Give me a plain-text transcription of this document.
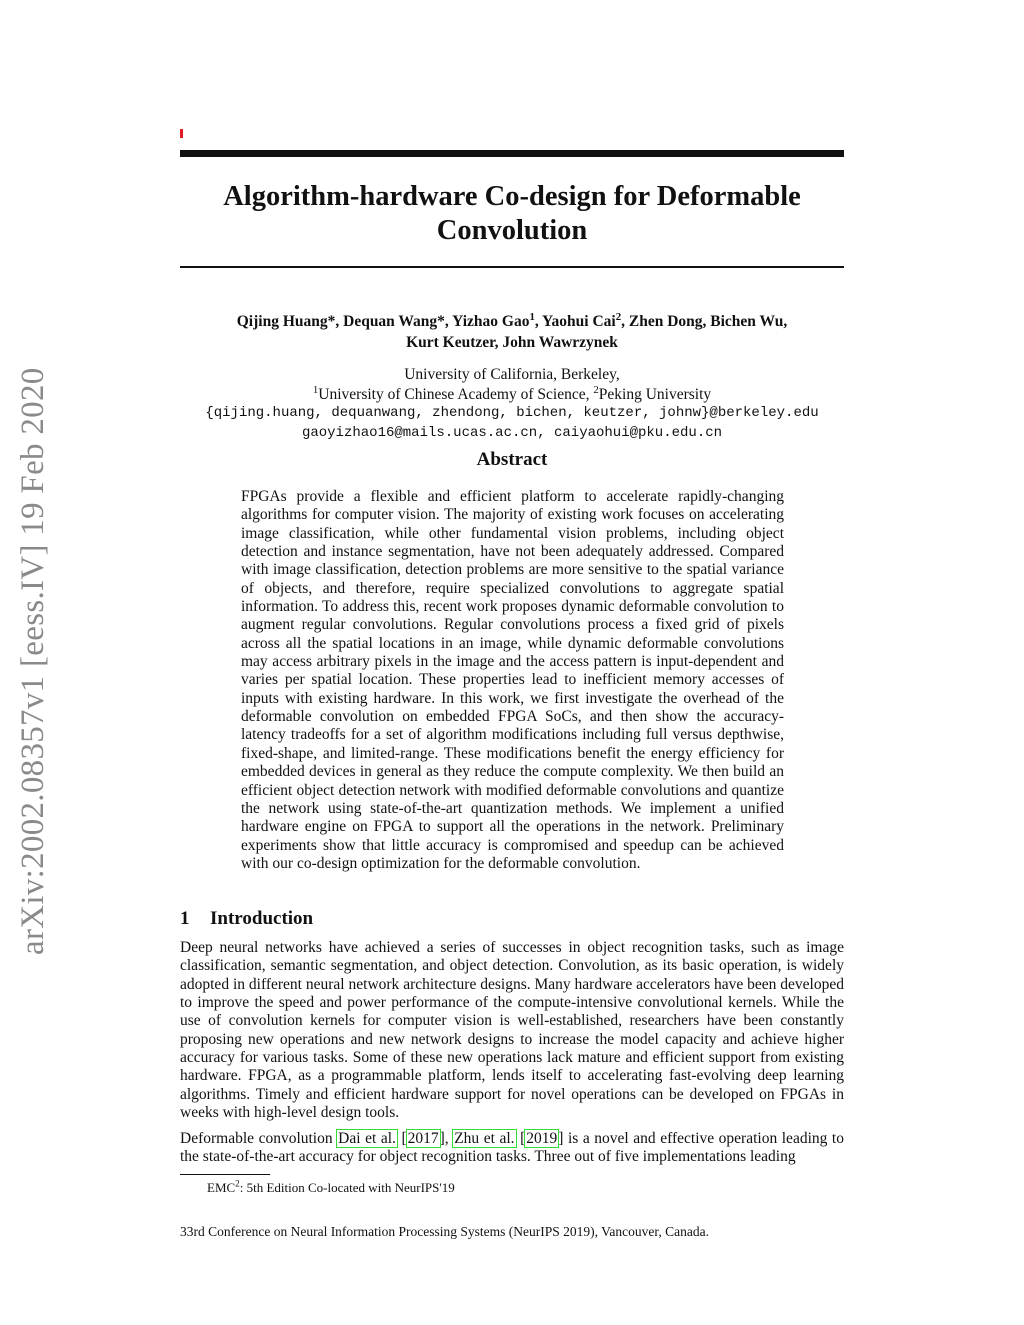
arXiv:2002.08357v1 [eess.IV] 19 Feb 2020
Algorithm-hardware Co-design for Deformable Convolution
Qijing Huang*, Dequan Wang*, Yizhao Gao$^1$, Yaohui Cai$^2$, Zhen Dong, Bichen Wu,
Kurt Keutzer, John Wawrzynek
University of California, Berkeley,
$^1$University of Chinese Academy of Science, $^2$Peking University
{qijing.huang, dequanwang, zhendong, bichen, keutzer, johnw}@berkeley.edu
gaoyizhao16@mails.ucas.ac.cn, caiyaohui@pku.edu.cn
Abstract

FPGAs provide a flexible and efficient platform to accelerate rapidly-changing algorithms for computer vision. The majority of existing work focuses on accelerating image classification, while other fundamental vision problems, including object detection and instance segmentation, have not been adequately addressed. Compared with image classification, detection problems are more sensitive to the spatial variance of objects, and therefore, require specialized convolutions to aggregate spatial information. To address this, recent work proposes dynamic deformable convolution to augment regular convolutions. Regular convolutions process a fixed grid of pixels across all the spatial locations in an image, while dynamic deformable convolutions may access arbitrary pixels in the image and the access pattern is input-dependent and varies per spatial location. These properties lead to inefficient memory accesses of inputs with existing hardware. In this work, we first investigate the overhead of the deformable convolution on embedded FPGA SoCs, and then show the accuracy-latency tradeoffs for a set of algorithm modifications including full versus depthwise, fixed-shape, and limited-range. These modifications benefit the energy efficiency for embedded devices in general as they reduce the compute complexity. We then build an efficient object detection network with modified deformable convolutions and quantize the network using state-of-the-art quantization methods. We implement a unified hardware engine on FPGA to support all the operations in the network. Preliminary experiments show that little accuracy is compromised and speedup can be achieved with our co-design optimization for the deformable convolution.

1 Introduction

Deep neural networks have achieved a series of successes in object recognition tasks, such as image classification, semantic segmentation, and object detection. Convolution, as its basic operation, is widely adopted in different neural network architecture designs. Many hardware accelerators have been developed to improve the speed and power performance of the compute-intensive convolutional kernels. While the use of convolution kernels for computer vision is well-established, researchers have been constantly proposing new operations and new network designs to increase the model capacity and achieve higher accuracy for various tasks. Some of these new operations lack mature and efficient support from existing hardware. FPGA, as a programmable platform, lends itself to accelerating fast-evolving deep learning algorithms. Timely and efficient hardware support for novel operations can be developed on FPGAs in weeks with high-level design tools.

Deformable convolution Dai et al. [2017], Zhu et al. [2019] is a novel and effective operation leading to the state-of-the-art accuracy for object recognition tasks. Three out of five implementations leading

EMC$^2$: 5th Edition Co-located with NeurIPS'19
33rd Conference on Neural Information Processing Systems (NeurIPS 2019), Vancouver, Canada.
